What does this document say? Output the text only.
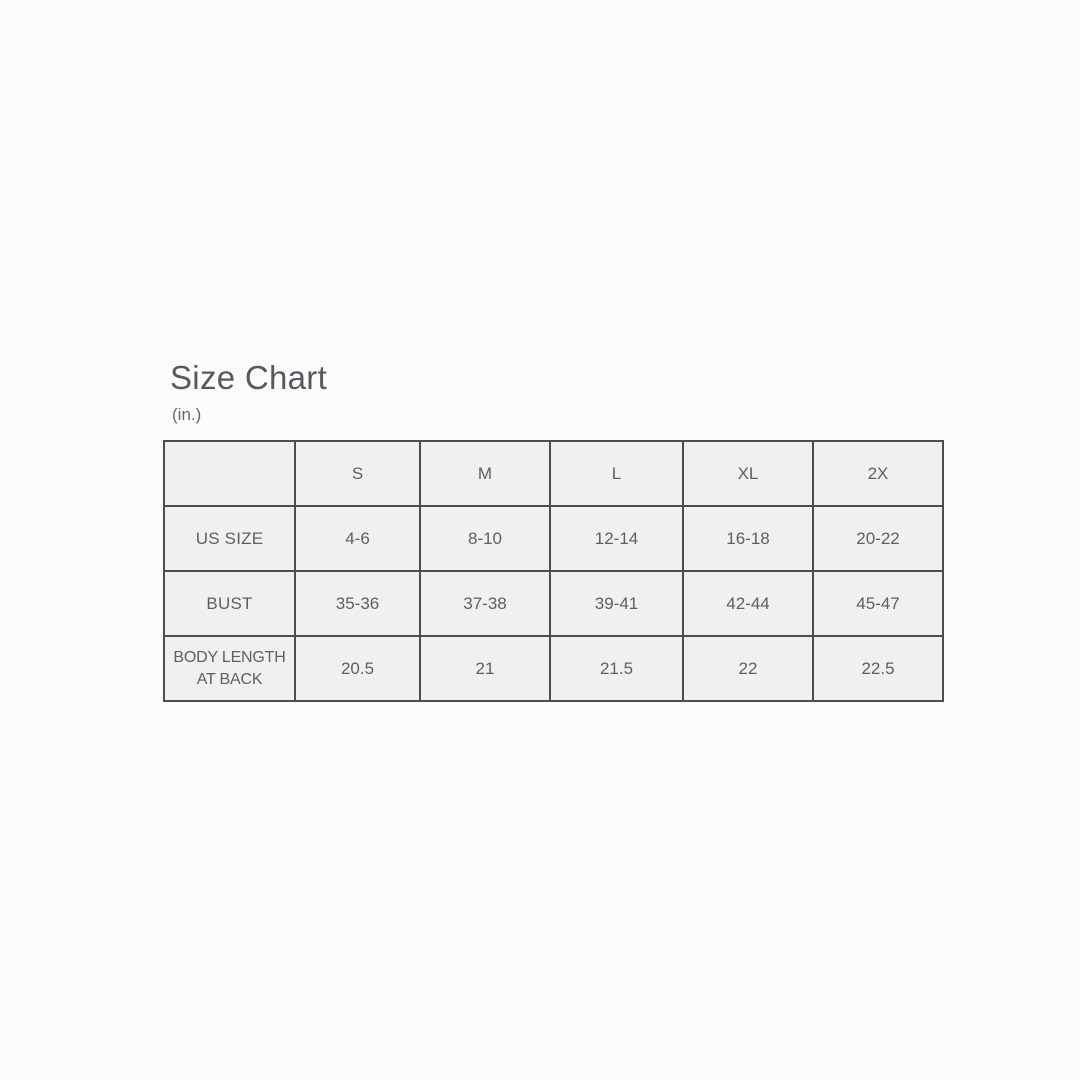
Size Chart
(in.)
	S	M	L	XL	2X
US SIZE	4-6	8-10	12-14	16-18	20-22
BUST	35-36	37-38	39-41	42-44	45-47
BODY LENGTH
AT BACK	20.5	21	21.5	22	22.5
